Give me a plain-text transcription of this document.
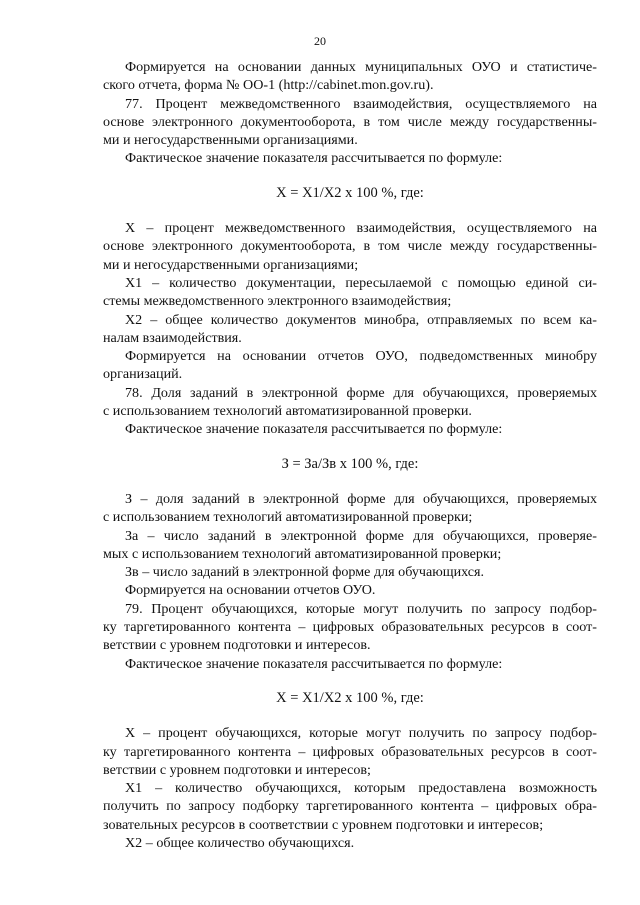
20
Формируется на основании данных муниципальных ОУО и статистиче-
ского отчета, форма № ОО-1 (http://cabinet.mon.gov.ru).
77. Процент межведомственного взаимодействия, осуществляемого на
основе электронного документооборота, в том числе между государственны-
ми и негосударственными организациями.
Фактическое значение показателя рассчитывается по формуле:
X = X1/X2 x 100 %, где:
X – процент межведомственного взаимодействия, осуществляемого на
основе электронного документооборота, в том числе между государственны-
ми и негосударственными организациями;
X1 – количество документации, пересылаемой с помощью единой си-
стемы межведомственного электронного взаимодействия;
X2 – общее количество документов минобра, отправляемых по всем ка-
налам взаимодействия.
Формируется на основании отчетов ОУО, подведомственных минобру
организаций.
78. Доля заданий в электронной форме для обучающихся, проверяемых
с использованием технологий автоматизированной проверки.
Фактическое значение показателя рассчитывается по формуле:
З = За/Зв x 100 %, где:
З – доля заданий в электронной форме для обучающихся, проверяемых
с использованием технологий автоматизированной проверки;
За – число заданий в электронной форме для обучающихся, проверяе-
мых с использованием технологий автоматизированной проверки;
Зв – число заданий в электронной форме для обучающихся.
Формируется на основании отчетов ОУО.
79. Процент обучающихся, которые могут получить по запросу подбор-
ку таргетированного контента – цифровых образовательных ресурсов в соот-
ветствии с уровнем подготовки и интересов.
Фактическое значение показателя рассчитывается по формуле:
X = X1/X2 x 100 %, где:
X – процент обучающихся, которые могут получить по запросу подбор-
ку таргетированного контента – цифровых образовательных ресурсов в соот-
ветствии с уровнем подготовки и интересов;
X1 – количество обучающихся, которым предоставлена возможность
получить по запросу подборку таргетированного контента – цифровых обра-
зовательных ресурсов в соответствии с уровнем подготовки и интересов;
X2 – общее количество обучающихся.
